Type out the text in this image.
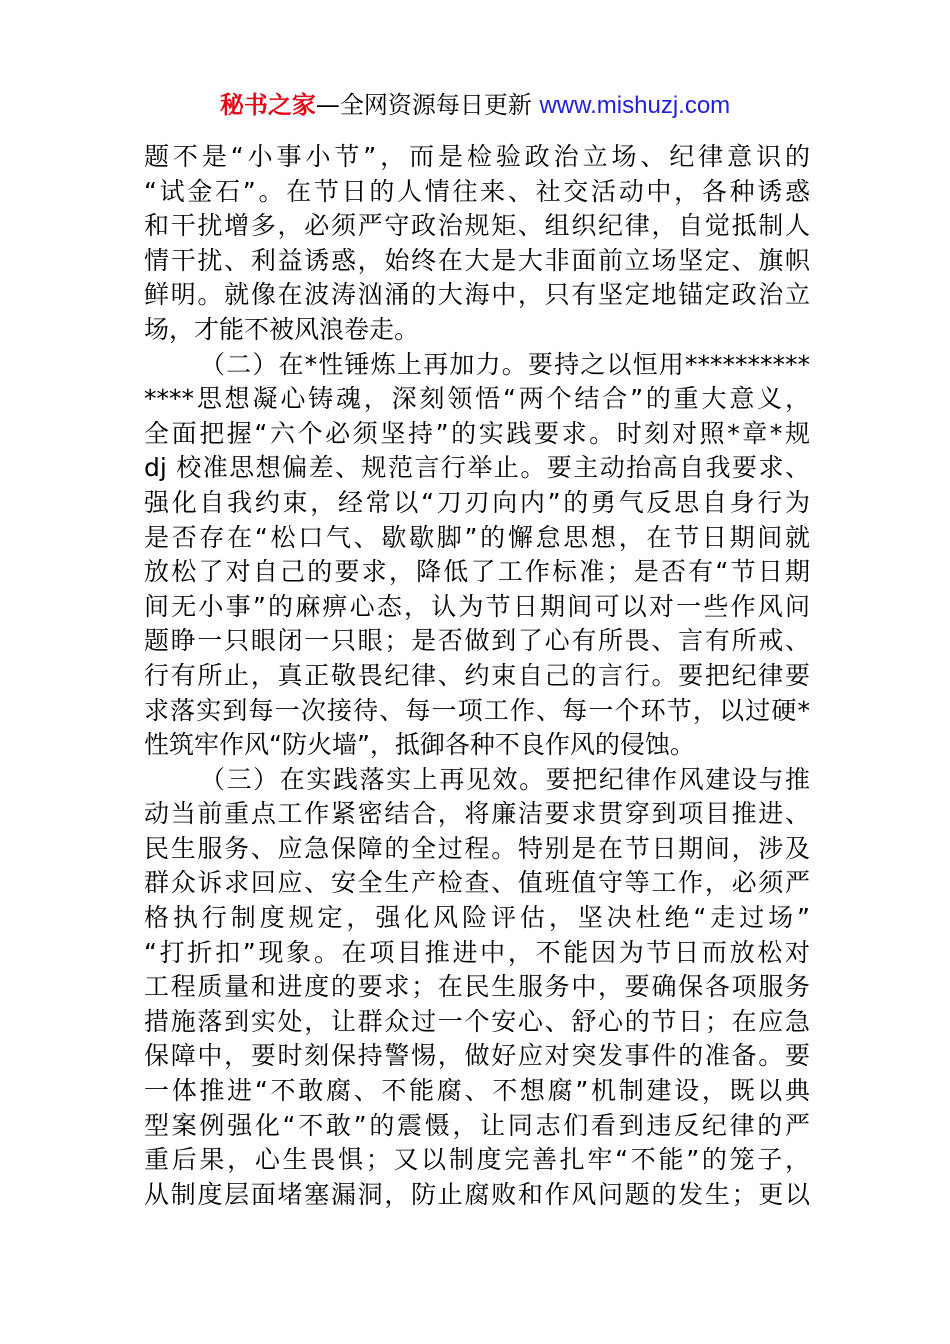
秘书之家—全网资源每日更新 www.mishuzj.com
题不是“小事小节”，而是检验政治立场、纪律意识的
“试金石”。在节日的人情往来、社交活动中，各种诱惑
和干扰增多，必须严守政治规矩、组织纪律，自觉抵制人
情干扰、利益诱惑，始终在大是大非面前立场坚定、旗帜
鲜明。就像在波涛汹涌的大海中，只有坚定地锚定政治立
场，才能不被风浪卷走。
（二）在*性锤炼上再加力。要持之以恒用**********
****思想凝心铸魂，深刻领悟“两个结合”的重大意义，
全面把握“六个必须坚持”的实践要求。时刻对照*章*规
dj 校准思想偏差、规范言行举止。要主动抬高自我要求、
强化自我约束，经常以“刀刃向内”的勇气反思自身行为
是否存在“松口气、歇歇脚”的懈怠思想，在节日期间就
放松了对自己的要求，降低了工作标准；是否有“节日期
间无小事”的麻痹心态，认为节日期间可以对一些作风问
题睁一只眼闭一只眼；是否做到了心有所畏、言有所戒、
行有所止，真正敬畏纪律、约束自己的言行。要把纪律要
求落实到每一次接待、每一项工作、每一个环节，以过硬*
性筑牢作风“防火墙”，抵御各种不良作风的侵蚀。
（三）在实践落实上再见效。要把纪律作风建设与推
动当前重点工作紧密结合，将廉洁要求贯穿到项目推进、
民生服务、应急保障的全过程。特别是在节日期间，涉及
群众诉求回应、安全生产检查、值班值守等工作，必须严
格执行制度规定，强化风险评估，坚决杜绝“走过场”
“打折扣”现象。在项目推进中，不能因为节日而放松对
工程质量和进度的要求；在民生服务中，要确保各项服务
措施落到实处，让群众过一个安心、舒心的节日；在应急
保障中，要时刻保持警惕，做好应对突发事件的准备。要
一体推进“不敢腐、不能腐、不想腐”机制建设，既以典
型案例强化“不敢”的震慑，让同志们看到违反纪律的严
重后果，心生畏惧；又以制度完善扎牢“不能”的笼子，
从制度层面堵塞漏洞，防止腐败和作风问题的发生；更以
